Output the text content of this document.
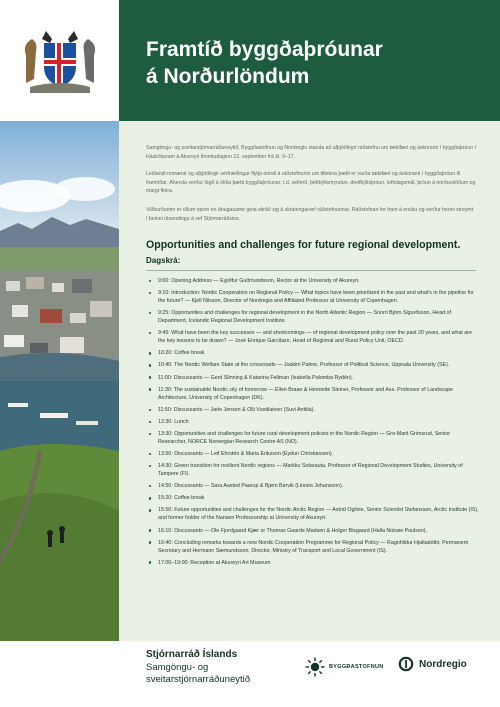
Framtíð byggðaþróunar
á Norðurlöndum

Samgöngu- og sveitarstjórnarráðuneytið, Byggðastofnun og Nordregio standa að alþjóðlegri ráðstefnu um tækifæri og áskoranir í byggðaþróun í Háskólanum á Akureyri fimmtudaginn 12. september frá kl. 9–17.

Leiðandi norrænir og alþjóðlegir sérfræðingar flytja erindi á ráðstefnunni um tiltekna þætti er varða tækifæri og áskoranir í byggðaþróun til framtíðar. Áhersla verður lögð á ólíka þætti byggðaþróunar, t.d. velferð, þéttbýlismyndun, dreifbýlisþróun, loftslagsmál, þróun á norðurslóðum og margt fleira.

Viðburðurinn er öllum opinn en áhugasamir geta skráð sig á skráningarvef ráðstefnunnar. Ráðstefnan fer fram á ensku og verður henni streymt í beinni útsendingu á vef Stjórnarráðsins.

Opportunities and challenges for future regional development.
Dagskrá:
9:00: Opening Address — Eyjólfur Guðmundsson, Rector at the University of Akureyri.
9:10: Introduction: Nordic Cooperation on Regional Policy — What topics have been prioritized in the past and what's in the pipeline for the future? — Kjell Nilsson, Director of Nordregio and Affiliated Professor at University of Copenhagen.
9:25: Opportunities and challenges for regional development in the North Atlantic Region — Snorri Björn Sigurðsson, Head of Department, Icelandic Regional Development Institute.
9:45: What have been the key successes — and shortcomings — of regional development policy over the past 20 years, and what are the key lessons to be drawn? — José Enrique Garcilazo, Head of Regional and Rural Policy Unit, OECD.
10:20: Coffee break
10:40: The Nordic Welfare State at the crossroads — Joakim Palme, Professor of Political Science, Uppsala University (SE).
11:00: Discussants — Gerd Slinning & Katarina Fellman (Isabella Palomba Rydén).
11:30: The sustainable Nordic city of tomorrow — Ellen Braae & Henriette Steiner, Professor and Ass. Professor of Landscape Architecture, University of Copenhagen (DK).
11:50: Discussants — Jarle Jensen & Olli Vuotilainen (Suvi Anttila).
12:30: Lunch
13:30: Opportunities and challenges for future rural development policies in the Nordic Region — Gro-Marit Grimsrud, Senior Researcher, NORCE Norwegian Research Centre AS (NO).
13:50: Discussants — Leif Ehrstén & Maria Eriksson (Eydun Christiansen).
14:30: Green transition for resilient Nordic regions — Markku Sotarauta, Professor of Regional Development Studies, University of Tampere (FI).
14:50: Discussants — Sara Aasted Paarup & Bjørn Barvik (Linnéa Johansson).
15:20: Coffee break
15:50: Future opportunities and challenges for the Nordic Arctic Region — Astrid Ogilvie, Senior Scientist Stefansson, Arctic Institute (IS), and former holder of the Nansen Professorship at University of Akureyri.
16:10: Discussants — Ole Fjordgaard Kjær or Thomas Gaarde Madsen & Holger Bisgaard (Halla Nolsøe Poulsen).
16:40: Concluding remarks towards a new Nordic Cooperation Programme for Regional Policy — Ragnhildur Hjaltadóttir, Permanent Secretary and Hermann Sæmundsson, Director, Ministry of Transport and Local Government (IS).
17:00–19:00: Reception at Akureyri Art Museum
Stjórnarráð Íslands
Samgöngu- og
sveitarstjórnarráðuneytið
BYGGÐASTOFNUN	Nordregio
